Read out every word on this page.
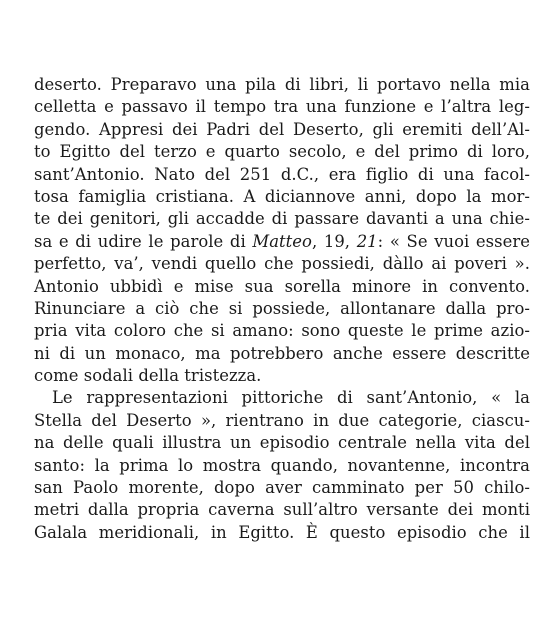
deserto. Preparavo una pila di libri, li portavo nella mia
celletta e passavo il tempo tra una funzione e l’altra leg-
gendo. Appresi dei Padri del Deserto, gli eremiti dell’Al-
to Egitto del terzo e quarto secolo, e del primo di loro,
sant’Antonio. Nato del 251 d.C., era figlio di una facol-
tosa famiglia cristiana. A diciannove anni, dopo la mor-
te dei genitori, gli accadde di passare davanti a una chie-
sa e di udire le parole di Matteo, 19, 21: « Se vuoi essere
perfetto, va’, vendi quello che possiedi, dàllo ai poveri ».
Antonio ubbidì e mise sua sorella minore in convento.
Rinunciare a ciò che si possiede, allontanare dalla pro-
pria vita coloro che si amano: sono queste le prime azio-
ni di un monaco, ma potrebbero anche essere descritte
come sodali della tristezza.
Le rappresentazioni pittoriche di sant’Antonio, « la
Stella del Deserto », rientrano in due categorie, ciascu-
na delle quali illustra un episodio centrale nella vita del
santo: la prima lo mostra quando, novantenne, incontra
san Paolo morente, dopo aver camminato per 50 chilo-
metri dalla propria caverna sull’altro versante dei monti
Galala meridionali, in Egitto. È questo episodio che il
